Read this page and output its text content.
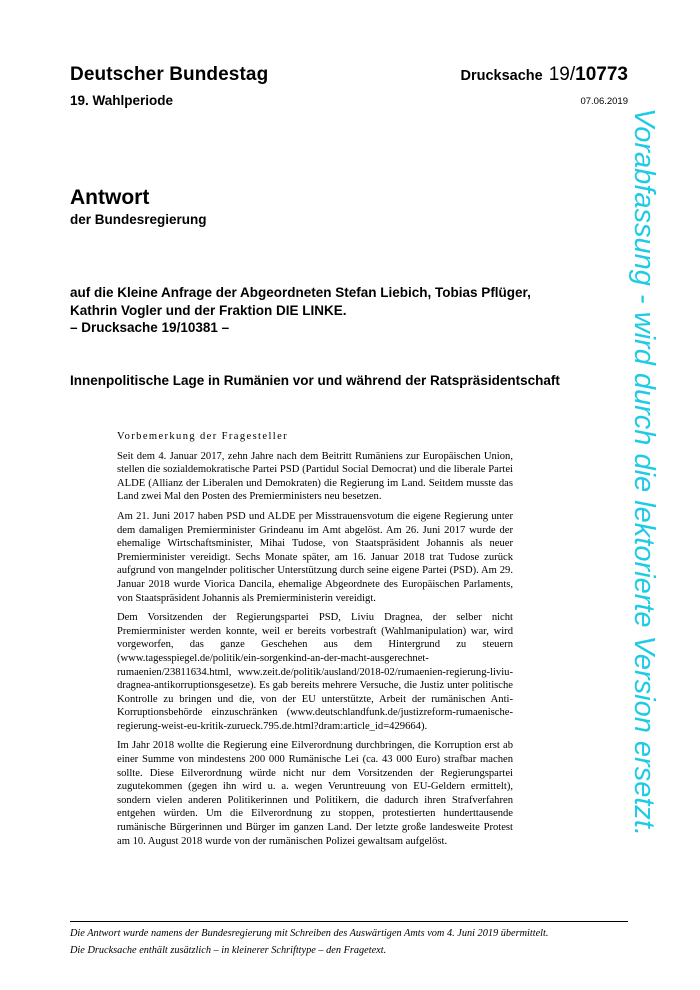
Deutscher Bundestag
19. Wahlperiode
Drucksache 19/10773
07.06.2019
Antwort
der Bundesregierung
auf die Kleine Anfrage der Abgeordneten Stefan Liebich, Tobias Pflüger,
Kathrin Vogler und der Fraktion DIE LINKE.
– Drucksache 19/10381 –
Innenpolitische Lage in Rumänien vor und während der Ratspräsidentschaft
Vorbemerkung der Fragesteller

Seit dem 4. Januar 2017, zehn Jahre nach dem Beitritt Rumäniens zur Europäischen Union, stellen die sozialdemokratische Partei PSD (Partidul Social Democrat) und die liberale Partei ALDE (Allianz der Liberalen und Demokraten) die Regierung im Land. Seitdem musste das Land zwei Mal den Posten des Premierministers neu besetzen.

Am 21. Juni 2017 haben PSD und ALDE per Misstrauensvotum die eigene Regierung unter dem damaligen Premierminister Grindeanu im Amt abgelöst. Am 26. Juni 2017 wurde der ehemalige Wirtschaftsminister, Mihai Tudose, von Staatspräsident Johannis als neuer Premierminister vereidigt. Sechs Monate später, am 16. Januar 2018 trat Tudose zurück aufgrund von mangelnder politischer Unterstützung durch seine eigene Partei (PSD). Am 29. Januar 2018 wurde Viorica Dancila, ehemalige Abgeordnete des Europäischen Parlaments, von Staatspräsident Johannis als Premierministerin vereidigt.

Dem Vorsitzenden der Regierungspartei PSD, Liviu Dragnea, der selber nicht Premierminister werden konnte, weil er bereits vorbestraft (Wahlmanipulation) war, wird vorgeworfen, das ganze Geschehen aus dem Hintergrund zu steuern (www.tagesspiegel.de/politik/ein-sorgenkind-an-der-macht-ausgerechnet-rumaenien/23811634.html, www.zeit.de/politik/ausland/2018-02/rumaenien-regierung-liviu-dragnea-antikorruptionsgesetze). Es gab bereits mehrere Versuche, die Justiz unter politische Kontrolle zu bringen und die, von der EU unterstützte, Arbeit der rumänischen Anti-Korruptionsbehörde einzuschränken (www.deutschlandfunk.de/justizreform-rumaenische-regierung-weist-eu-kritik-zurueck.795.de.html?dram:article_id=429664).

Im Jahr 2018 wollte die Regierung eine Eilverordnung durchbringen, die Korruption erst ab einer Summe von mindestens 200 000 Rumänische Lei (ca. 43 000 Euro) strafbar machen sollte. Diese Eilverordnung würde nicht nur dem Vorsitzenden der Regierungspartei zugutekommen (gegen ihn wird u. a. wegen Veruntreuung von EU-Geldern ermittelt), sondern vielen anderen Politikerinnen und Politikern, die dadurch ihren Strafverfahren entgehen würden. Um die Eilverordnung zu stoppen, protestierten hunderttausende rumänische Bürgerinnen und Bürger im ganzen Land. Der letzte große landesweite Protest am 10. August 2018 wurde von der rumänischen Polizei gewaltsam aufgelöst.

Die Antwort wurde namens der Bundesregierung mit Schreiben des Auswärtigen Amts vom 4. Juni 2019 übermittelt.
Die Drucksache enthält zusätzlich – in kleinerer Schrifttype – den Fragetext.
Vorabfassung - wird durch die lektorierte Version ersetzt.
